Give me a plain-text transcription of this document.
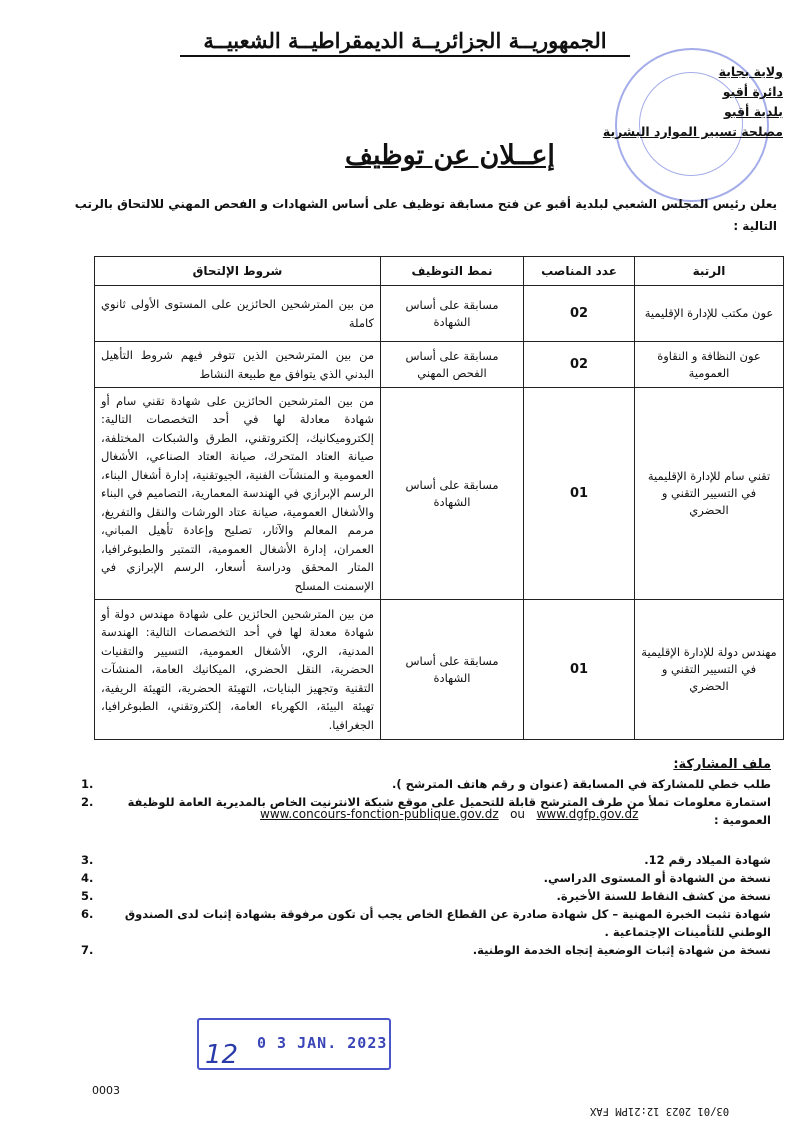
الجمهوريــة الجزائريــة الديمقراطيــة الشعبيــة
ولاية بجاية
دائرة أقبو
بلدية أقبو
مصلحة تسيير الموارد البشرية
إعــلان عن توظيف
يعلن رئيس المجلس الشعبي لبلدية أقبو عن فتح مسابقة توظيف على أساس الشهادات و الفحص المهني للالتحاق بالرتب التالية :
الرتبة	عدد المناصب	نمط التوظيف	شروط الإلتحاق
عون مكتب للإدارة الإقليمية	02	مسابقة على أساس الشهادة	من بين المترشحين الحائزين على المستوى الأولى ثانوي كاملة
عون النظافة و النقاوة العمومية	02	مسابقة على أساس الفحص المهني	من بين المترشحين الذين تتوفر فيهم شروط التأهيل البدني الذي يتوافق مع طبيعة النشاط
تقني سام للإدارة الإقليمية في التسيير التقني و الحضري	01	مسابقة على أساس الشهادة	من بين المترشحين الحائزين على شهادة تقني سام أو شهادة معادلة لها في أحد التخصصات التالية: إلكتروميكانيك، إلكتروتقني، الطرق والشبكات المختلفة، صيانة العتاد المتحرك، صيانة العتاد الصناعي، الأشغال العمومية و المنشآت الفنية، الجيوتقنية، إدارة أشغال البناء، الرسم الإبرازي في الهندسة المعمارية، التصاميم في البناء والأشغال العمومية، صيانة عتاد الورشات والنقل والتفريغ، مرمم المعالم والآثار، تصليح وإعادة تأهيل المباني، العمران، إدارة الأشغال العمومية، التمتير والطبوغرافيا، المتار المحقق ودراسة أسعار، الرسم الإبرازي في الإسمنت المسلح
مهندس دولة للإدارة الإقليمية في التسيير التقني و الحضري	01	مسابقة على أساس الشهادة	من بين المترشحين الحائزين على شهادة مهندس دولة أو شهادة معدلة لها في أحد التخصصات التالية: الهندسة المدنية، الري، الأشغال العمومية، التسيير والتقنيات الحضرية، النقل الحضري، الميكانيك العامة، المنشآت التقنية وتجهيز البنايات، التهيئة الحضرية، التهيئة الريفية، تهيئة البيئة، الكهرباء العامة، إلكتروتقني، الطبوغرافيا، الجغرافيا.
ملف المشاركة:
1.	طلب خطي للمشاركة في المسابقة (عنوان و رقم هاتف المترشح ).
2.	استمارة معلومات تملأ من طرف المترشح قابلة للتحميل على موقع شبكة الانترنيت الخاص بالمديرية العامة للوظيفة العمومية :
3.	شهادة الميلاد رقم 12.
4.	نسخة من الشهادة أو المستوى الدراسي.
5.	نسخة من كشف النقاط للسنة الأخيرة.
6.	شهادة تثبت الخبرة المهنية – كل شهادة صادرة عن القطاع الخاص يجب أن تكون مرفوقة بشهادة إثبات لدى الصندوق الوطني للتأمينات الإجتماعية .
7.	نسخة من شهادة إثبات الوضعية إتجاه الخدمة الوطنية.
www.concours-fonction-publique.gov.dz ou www.dgfp.gov.dz
0 3 JAN. 2023
12
0003
03/01 2023 12:21PM FAX
